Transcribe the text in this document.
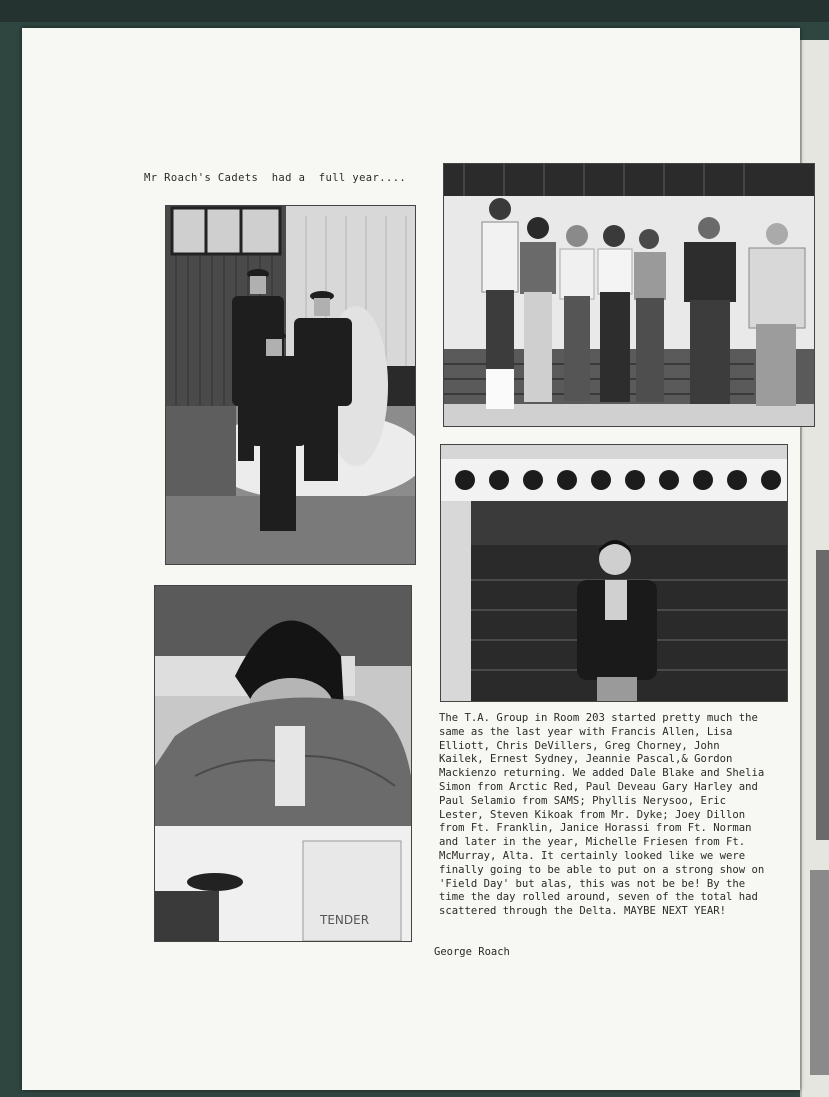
Mr Roach's Cadets  had a  full year....
TENDER
The T.A. Group in Room 203 started pretty much the same as the last year with Francis Allen, Lisa Elliott, Chris DeVillers, Greg Chorney, John Kailek, Ernest Sydney, Jeannie Pascal,& Gordon Mackienzo returning. We added Dale Blake and Shelia Simon from Arctic Red, Paul Deveau Gary Harley and Paul Selamio from SAMS; Phyllis Nerysoo, Eric Lester, Steven Kikoak from Mr. Dyke; Joey Dillon from Ft. Franklin, Janice Horassi from Ft. Norman and later in the year, Michelle Friesen from Ft. McMurray, Alta. It certainly looked like we were finally going to be able to put on a strong show on 'Field Day' but alas, this was not be be! By the time the day rolled around, seven of the total had scattered through the Delta. MAYBE NEXT YEAR!
George Roach
